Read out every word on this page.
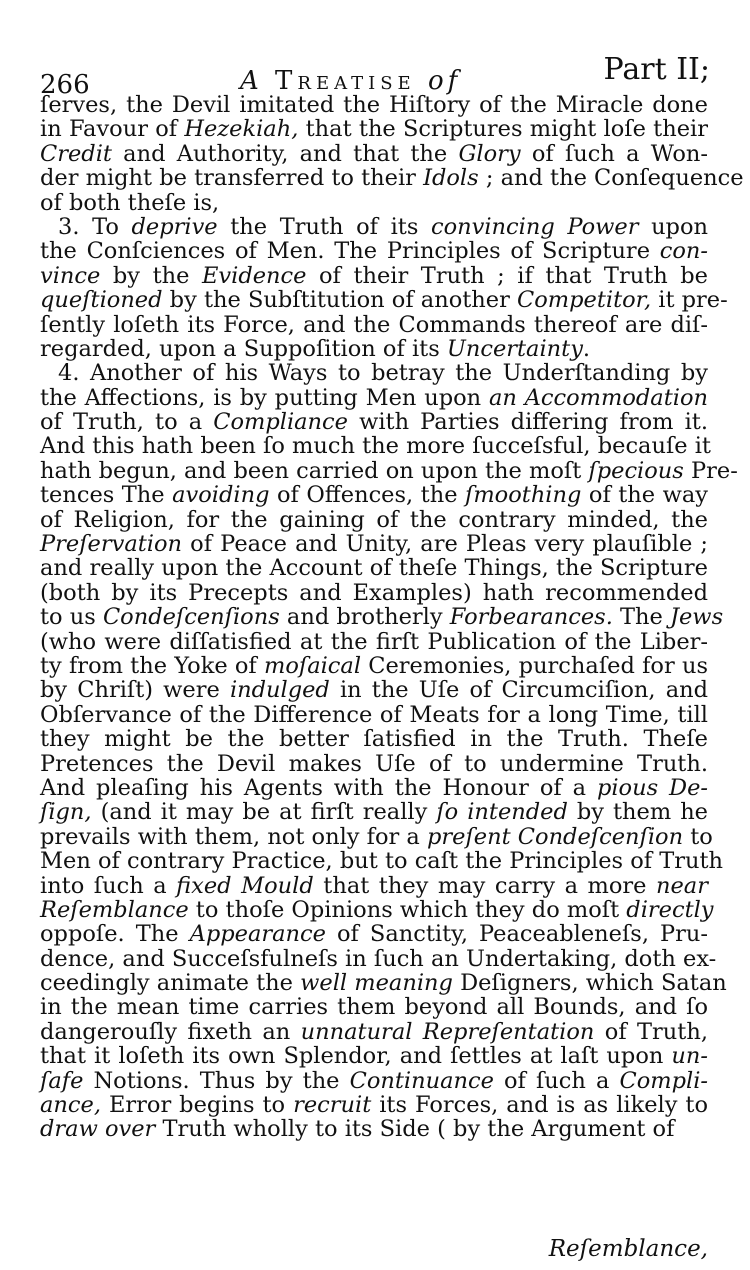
266	A Treatise of	Part II;
ſerves, the Devil imitated the Hiſtory of the Miracle done
in Favour of Hezekiah, that the Scriptures might loſe their
Credit and Authority, and that the Glory of ſuch a Won-
der might be transferred to their Idols ; and the Conſequence
of both theſe is,
3. To deprive the Truth of its convincing Power upon
the Conſciences of Men. The Principles of Scripture con-
vince by the Evidence of their Truth ; if that Truth be
queſtioned by the Subſtitution of another Competitor, it pre-
ſently loſeth its Force, and the Commands thereof are diſ-
regarded, upon a Suppoſition of its Uncertainty.
4. Another of his Ways to betray the Underſtanding by
the Affections, is by putting Men upon an Accommodation
of Truth, to a Compliance with Parties differing from it.
And this hath been ſo much the more ſucceſsful, becauſe it
hath begun, and been carried on upon the moſt ſpecious Pre-
tences The avoiding of Offences, the ſmoothing of the way
of Religion, for the gaining of the contrary minded, the
Preſervation of Peace and Unity, are Pleas very plauſible ;
and really upon the Account of theſe Things, the Scripture
(both by its Precepts and Examples) hath recommended
to us Condeſcenſions and brotherly Forbearances. The Jews
(who were diſſatisfied at the firſt Publication of the Liber-
ty from the Yoke of moſaical Ceremonies, purchaſed for us
by Chriſt) were indulged in the Uſe of Circumciſion, and
Obſervance of the Difference of Meats for a long Time, till
they might be the better ſatisfied in the Truth. Theſe
Pretences the Devil makes Uſe of to undermine Truth.
And pleaſing his Agents with the Honour of a pious De-
ſign, (and it may be at firſt really ſo intended by them he
prevails with them, not only for a preſent Condeſcenſion to
Men of contrary Practice, but to caſt the Principles of Truth
into ſuch a fixed Mould that they may carry a more near
Reſemblance to thoſe Opinions which they do moſt directly
oppoſe. The Appearance of Sanctity, Peaceableneſs, Pru-
dence, and Succeſsfulneſs in ſuch an Undertaking, doth ex-
ceedingly animate the well meaning Deſigners, which Satan
in the mean time carries them beyond all Bounds, and ſo
dangerouſly fixeth an unnatural Repreſentation of Truth,
that it loſeth its own Splendor, and ſettles at laſt upon un-
ſafe Notions. Thus by the Continuance of ſuch a Compli-
ance, Error begins to recruit its Forces, and is as likely to
draw over Truth wholly to its Side ( by the Argument of
Reſemblance,
